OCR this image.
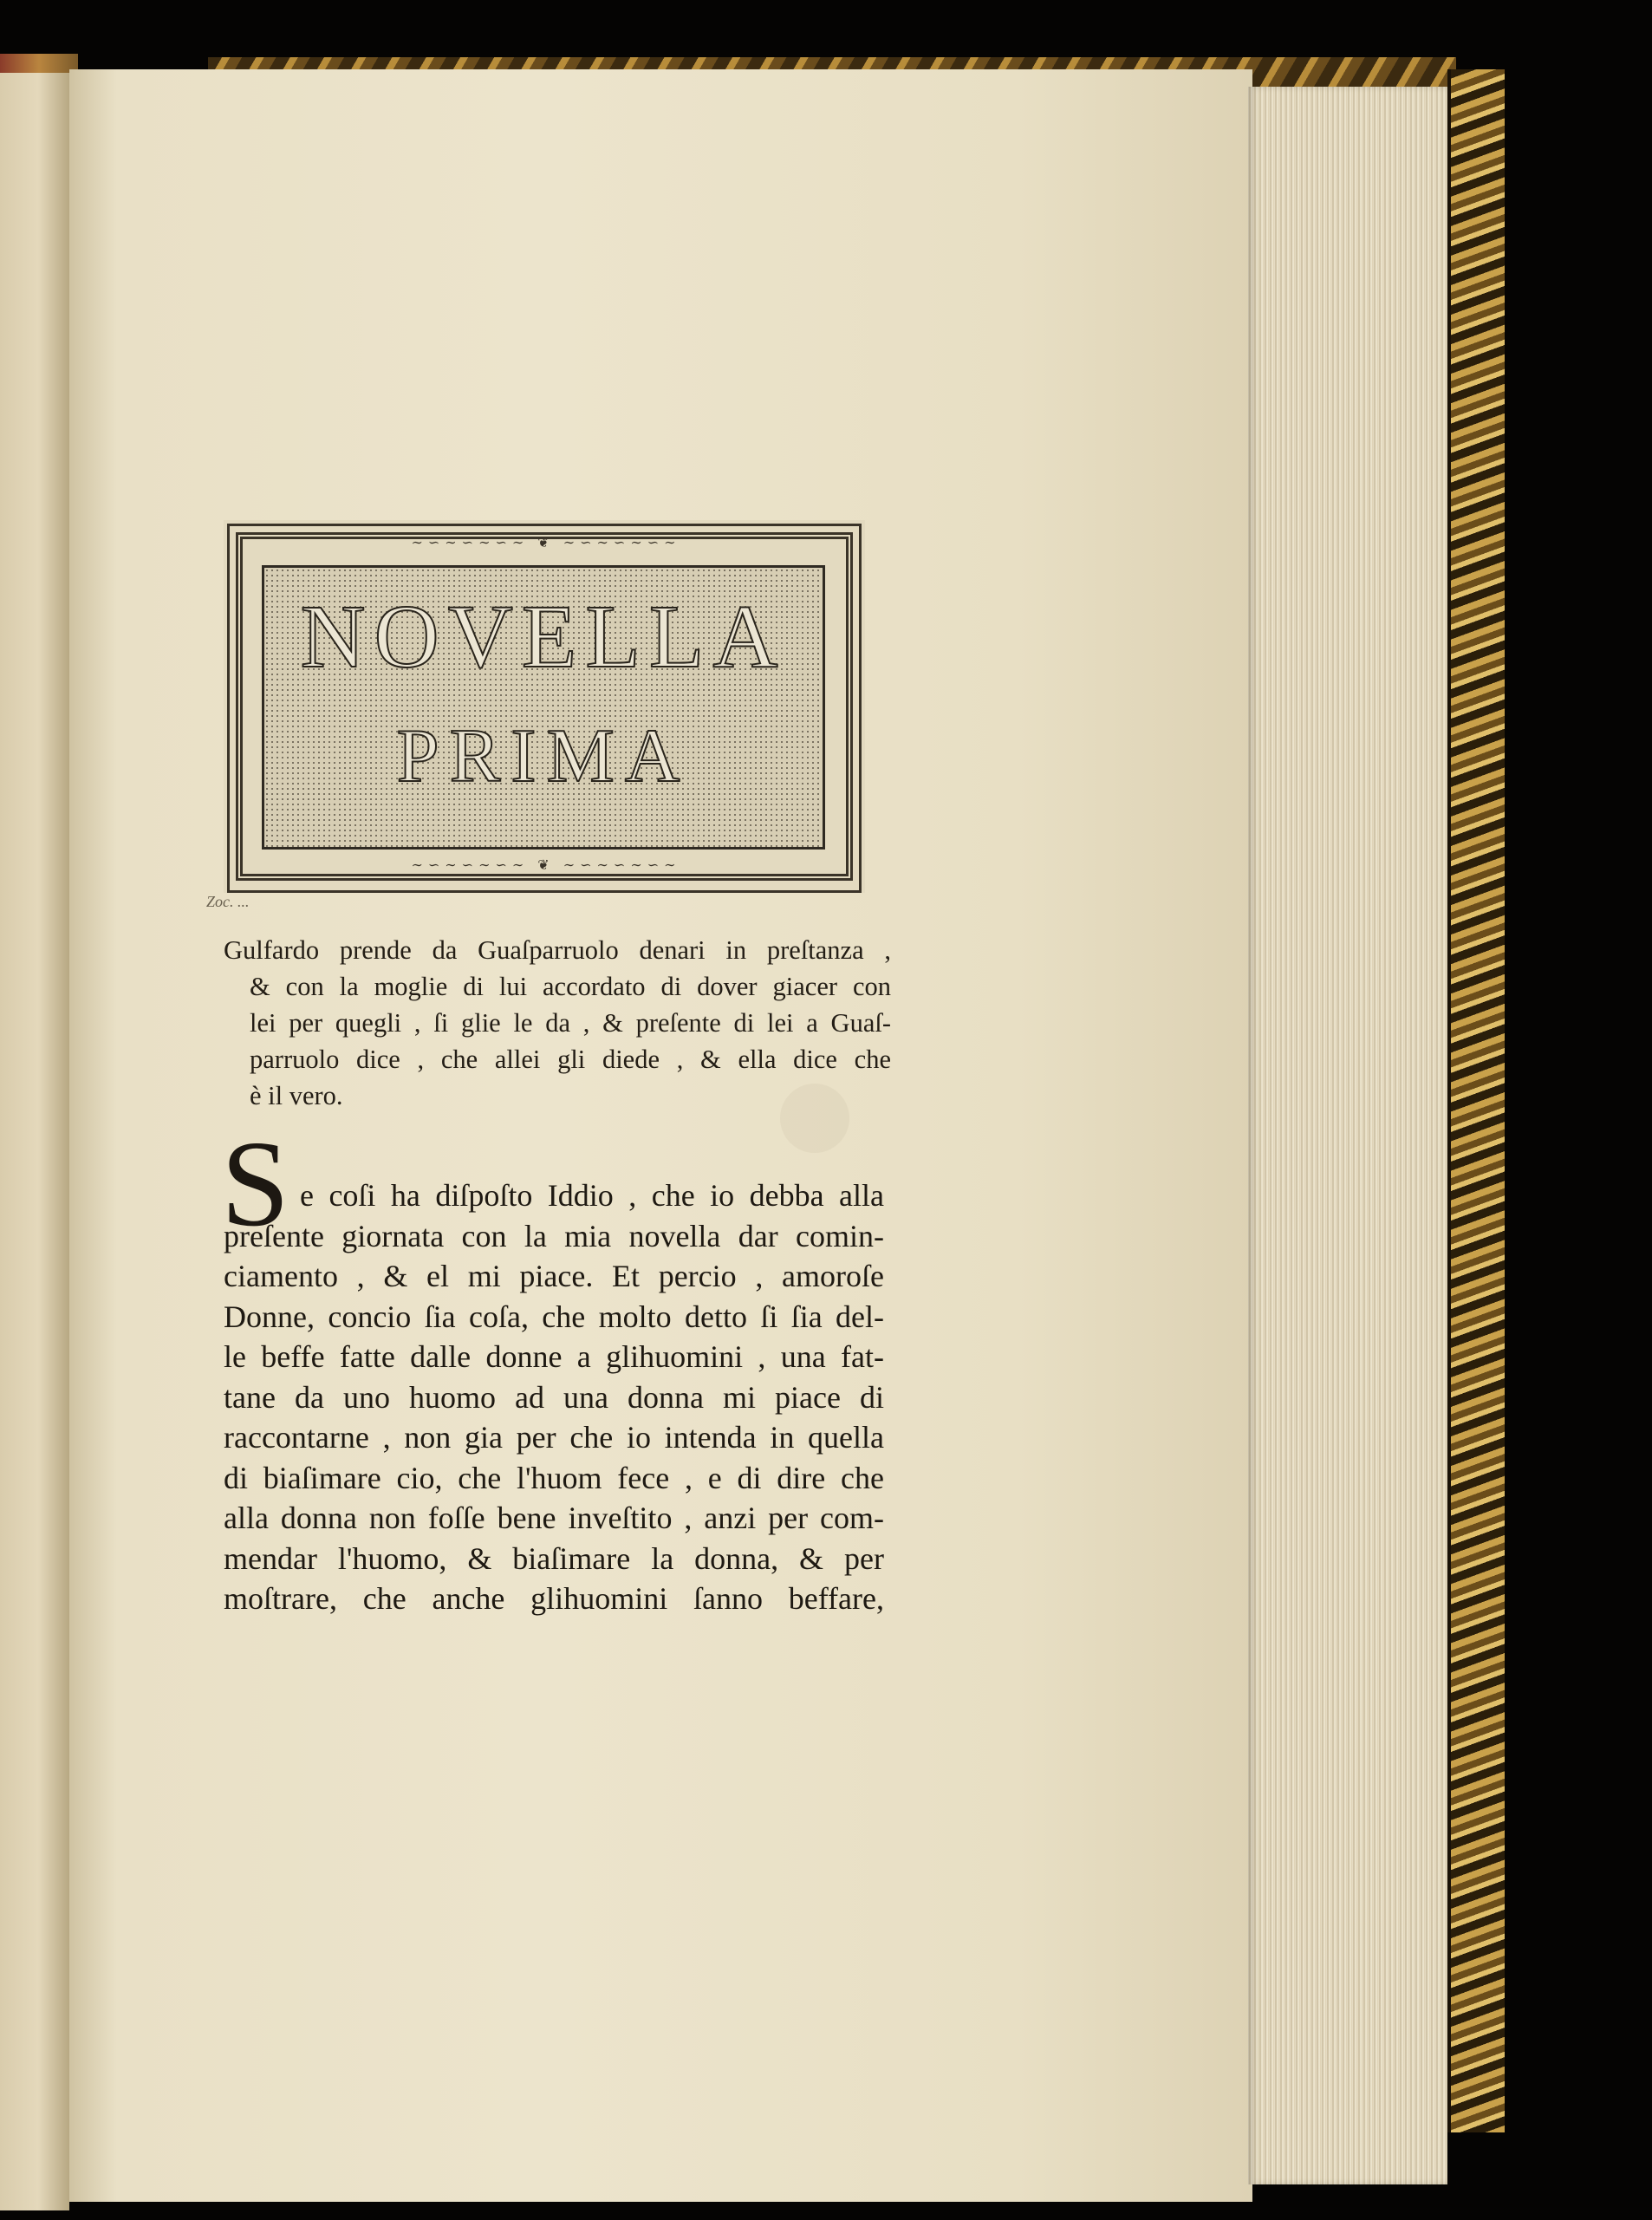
∼∽∼∽∼∽∼ ❦ ∼∽∼∽∼∽∼
∼∽∼∽∼∽∼ ❦ ∼∽∼∽∼∽∼
NOVELLA
PRIMA
Zoc. ...
Gulfardo prende da Guaſparruolo denari in preſtanza ,
& con la moglie di lui accordato di dover giacer con
lei per quegli , ſi glie le da , & preſente di lei a Guaſ-
parruolo dice , che allei gli diede , & ella dice che
è il vero.
S e coſi ha diſpoſto Iddio , che io debba alla
preſente giornata con la mia novella dar comin-
ciamento , & el mi piace. Et percio , amoroſe
Donne, concio ſia coſa, che molto detto ſi ſia del-
le beffe fatte dalle donne a glihuomini , una fat-
tane da uno huomo ad una donna mi piace di
raccontarne , non gia per che io intenda in quella
di biaſimare cio, che l'huom fece , e di dire che
alla donna non foſſe bene inveſtito , anzi per com-
mendar l'huomo, & biaſimare la donna, & per
moſtrare, che anche glihuomini ſanno beffare,
